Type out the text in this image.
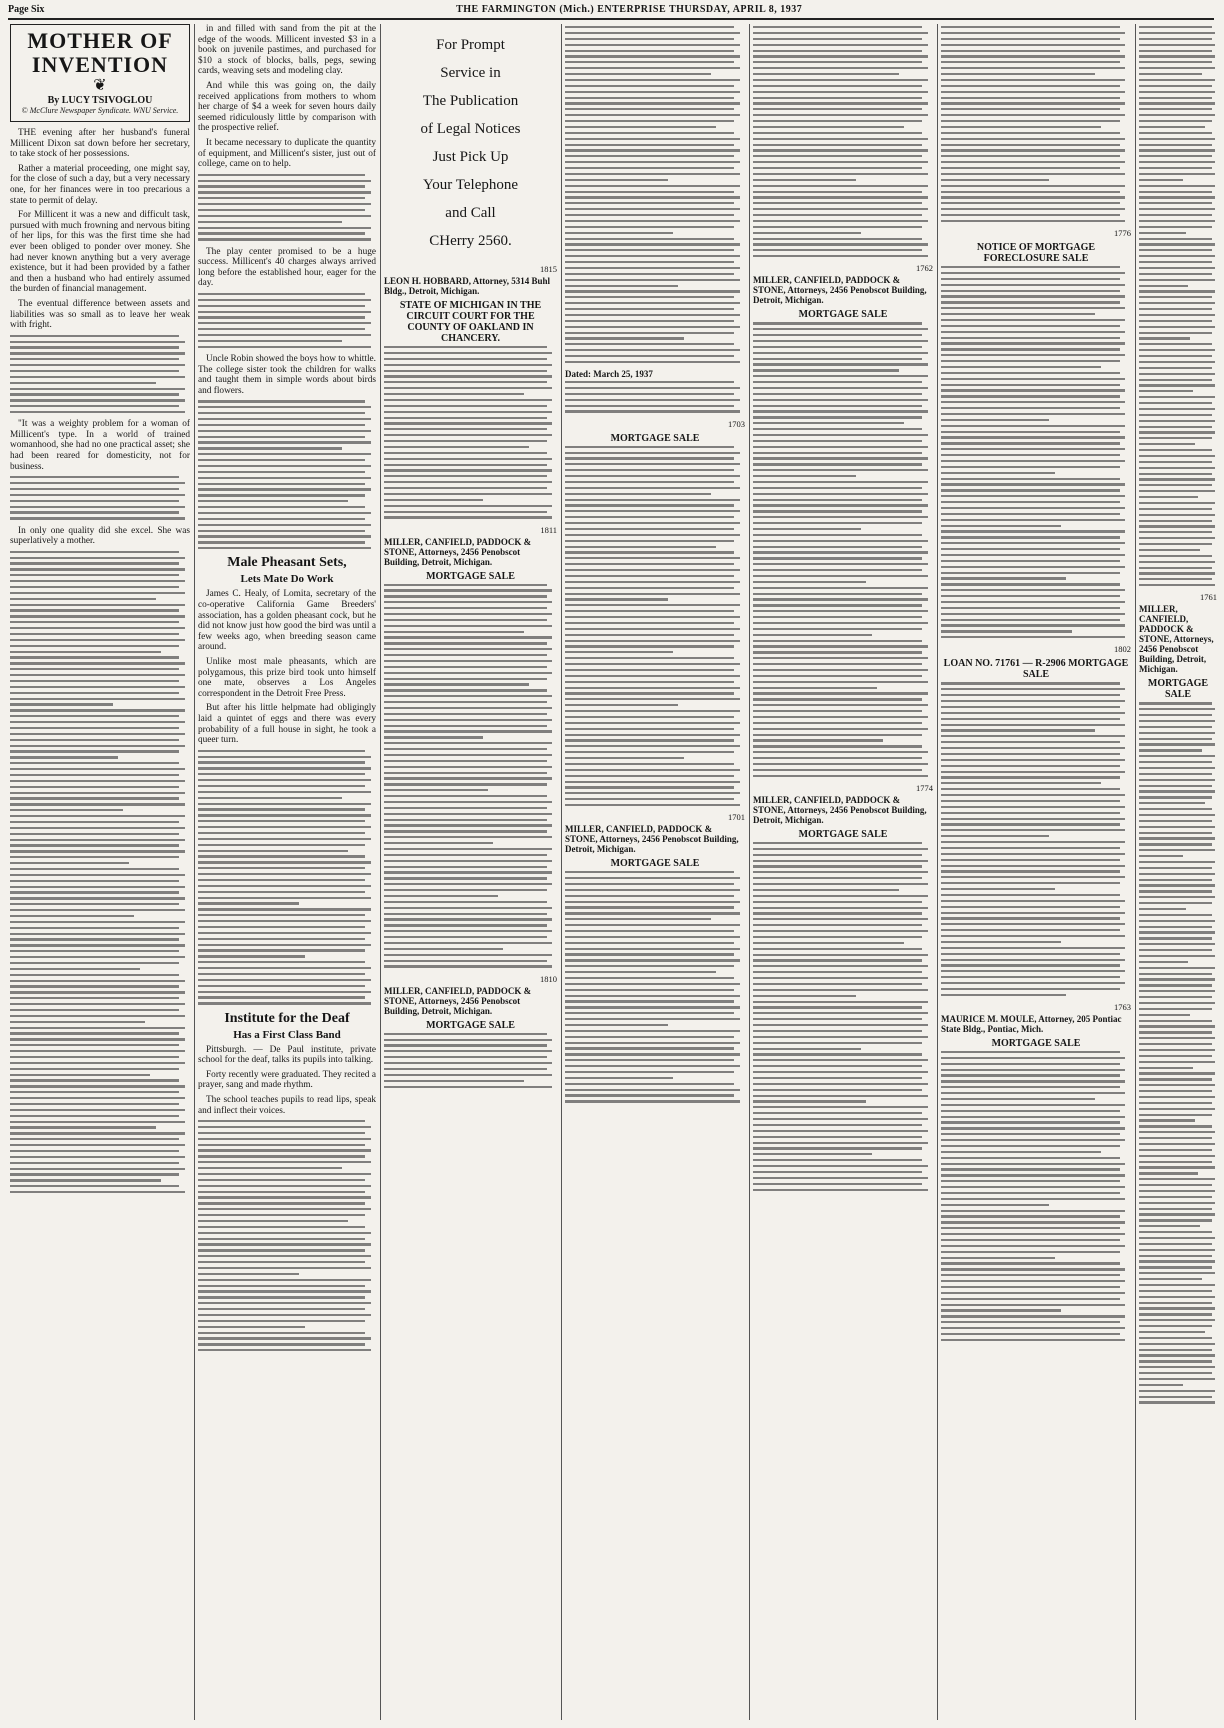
Page Six	THE FARMINGTON (Mich.) ENTERPRISE THURSDAY, APRIL 8, 1937
MOTHER OF INVENTION
❦
By LUCY TSIVOGLOU
© McClure Newspaper Syndicate. WNU Service.

THE evening after her husband's funeral Millicent Dixon sat down before her secretary, to take stock of her possessions.

Rather a material proceeding, one might say, for the close of such a day, but a very necessary one, for her finances were in too precarious a state to permit of delay.

For Millicent it was a new and difficult task, pursued with much frowning and nervous biting of her lips, for this was the first time she had ever been obliged to ponder over money. She had never known anything but a very average existence, but it had been provided by a father and then a husband who had entirely assumed the burden of financial management.

The eventual difference between assets and liabilities was so small as to leave her weak with fright.

"It was a weighty problem for a woman of Millicent's type. In a world of trained womanhood, she had no one practical asset; she had been reared for domesticity, not for business.

In only one quality did she excel. She was superlatively a mother.

in and filled with sand from the pit at the edge of the woods. Millicent invested $3 in a book on juvenile pastimes, and purchased for $10 a stock of blocks, balls, pegs, sewing cards, weaving sets and modeling clay.

And while this was going on, the daily received applications from mothers to whom her charge of $4 a week for seven hours daily seemed ridiculously little by comparison with the prospective relief.

It became necessary to duplicate the quantity of equipment, and Millicent's sister, just out of college, came on to help.

The play center promised to be a huge success. Millicent's 40 charges always arrived long before the established hour, eager for the day.

Uncle Robin showed the boys how to whittle. The college sister took the children for walks and taught them in simple words about birds and flowers.

Male Pheasant Sets,
Lets Mate Do Work

James C. Healy, of Lomita, secretary of the co-operative California Game Breeders' association, has a golden pheasant cock, but he did not know just how good the bird was until a few weeks ago, when breeding season came around.

Unlike most male pheasants, which are polygamous, this prize bird took unto himself one mate, observes a Los Angeles correspondent in the Detroit Free Press.

But after his little helpmate had obligingly laid a quintet of eggs and there was every probability of a full house in sight, he took a queer turn.

Institute for the Deaf
Has a First Class Band

Pittsburgh. — De Paul institute, private school for the deaf, talks its pupils into talking.

Forty recently were graduated. They recited a prayer, sang and made rhythm.

The school teaches pupils to read lips, speak and inflect their voices.

For Prompt
Service in
The Publication
of Legal Notices
Just Pick Up
Your Telephone
and Call
CHerry 2560.
1815
LEON H. HOBBARD, Attorney, 5314 Buhl Bldg., Detroit, Michigan.
STATE OF MICHIGAN IN THE CIRCUIT COURT FOR THE COUNTY OF OAKLAND IN CHANCERY.
1811
MILLER, CANFIELD, PADDOCK & STONE, Attorneys, 2456 Penobscot Building, Detroit, Michigan.
MORTGAGE SALE
1810
MILLER, CANFIELD, PADDOCK & STONE, Attorneys, 2456 Penobscot Building, Detroit, Michigan.
MORTGAGE SALE
Dated: March 25, 1937
1703
MORTGAGE SALE
1701
MILLER, CANFIELD, PADDOCK & STONE, Attorneys, 2456 Penobscot Building, Detroit, Michigan.
MORTGAGE SALE
1762
MILLER, CANFIELD, PADDOCK & STONE, Attorneys, 2456 Penobscot Building, Detroit, Michigan.
MORTGAGE SALE
1774
MILLER, CANFIELD, PADDOCK & STONE, Attorneys, 2456 Penobscot Building, Detroit, Michigan.
MORTGAGE SALE
1776
NOTICE OF MORTGAGE FORECLOSURE SALE
1802
LOAN NO. 71761 — R-2906 MORTGAGE SALE
1763
MAURICE M. MOULE, Attorney, 205 Pontiac State Bldg., Pontiac, Mich.
MORTGAGE SALE
1761
MILLER, CANFIELD, PADDOCK & STONE, Attorneys, 2456 Penobscot Building, Detroit, Michigan.
MORTGAGE SALE
